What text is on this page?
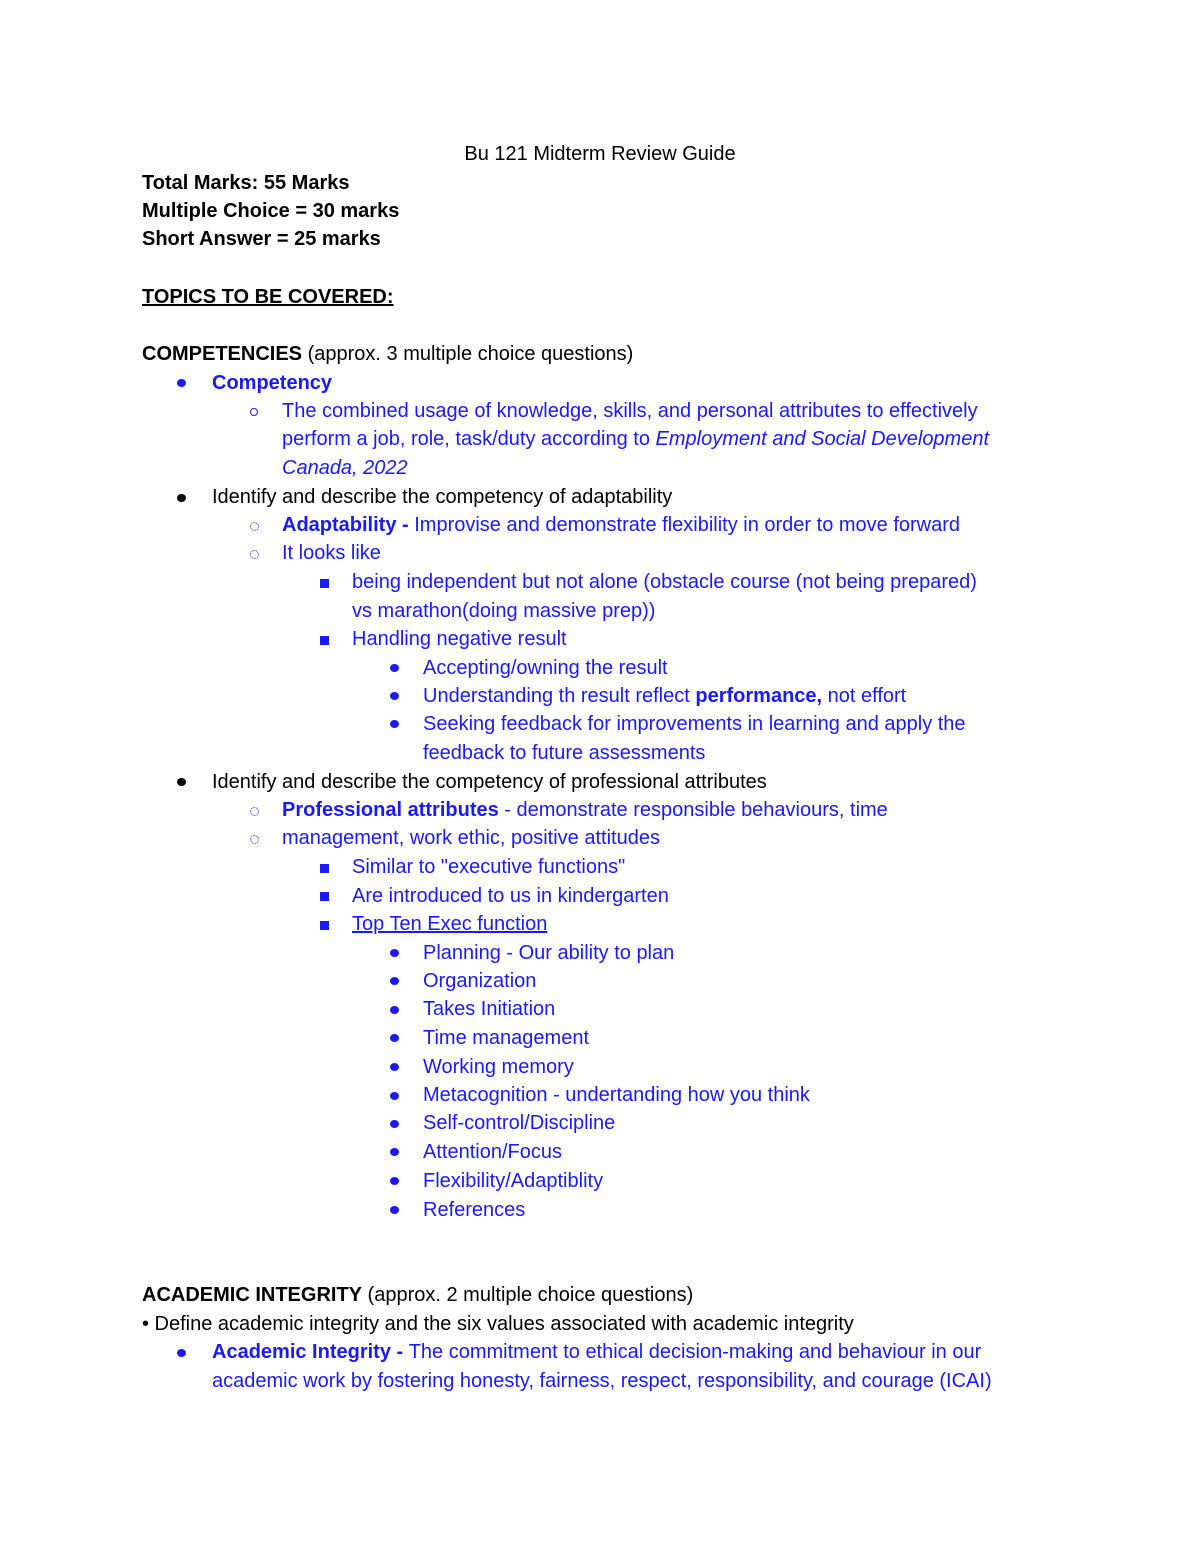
Bu 121 Midterm Review Guide
Total Marks: 55 Marks
Multiple Choice = 30 marks
Short Answer = 25 marks
TOPICS TO BE COVERED:
COMPETENCIES (approx. 3 multiple choice questions)
Competency
The combined usage of knowledge, skills, and personal attributes to effectively
perform a job, role, task/duty according to Employment and Social Development
Canada, 2022
Identify and describe the competency of adaptability
Adaptability - Improvise and demonstrate flexibility in order to move forward
It looks like
being independent but not alone (obstacle course (not being prepared)
vs marathon(doing massive prep))
Handling negative result
Accepting/owning the result
Understanding th result reflect performance, not effort
Seeking feedback for improvements in learning and apply the
feedback to future assessments
Identify and describe the competency of professional attributes
Professional attributes - demonstrate responsible behaviours, time
management, work ethic, positive attitudes
Similar to "executive functions"
Are introduced to us in kindergarten
Top Ten Exec function
Planning - Our ability to plan
Organization
Takes Initiation
Time management
Working memory
Metacognition - undertanding how you think
Self-control/Discipline
Attention/Focus
Flexibility/Adaptiblity
References
ACADEMIC INTEGRITY (approx. 2 multiple choice questions)
• Define academic integrity and the six values associated with academic integrity
Academic Integrity - The commitment to ethical decision-making and behaviour in our
academic work by fostering honesty, fairness, respect, responsibility, and courage (ICAI)
